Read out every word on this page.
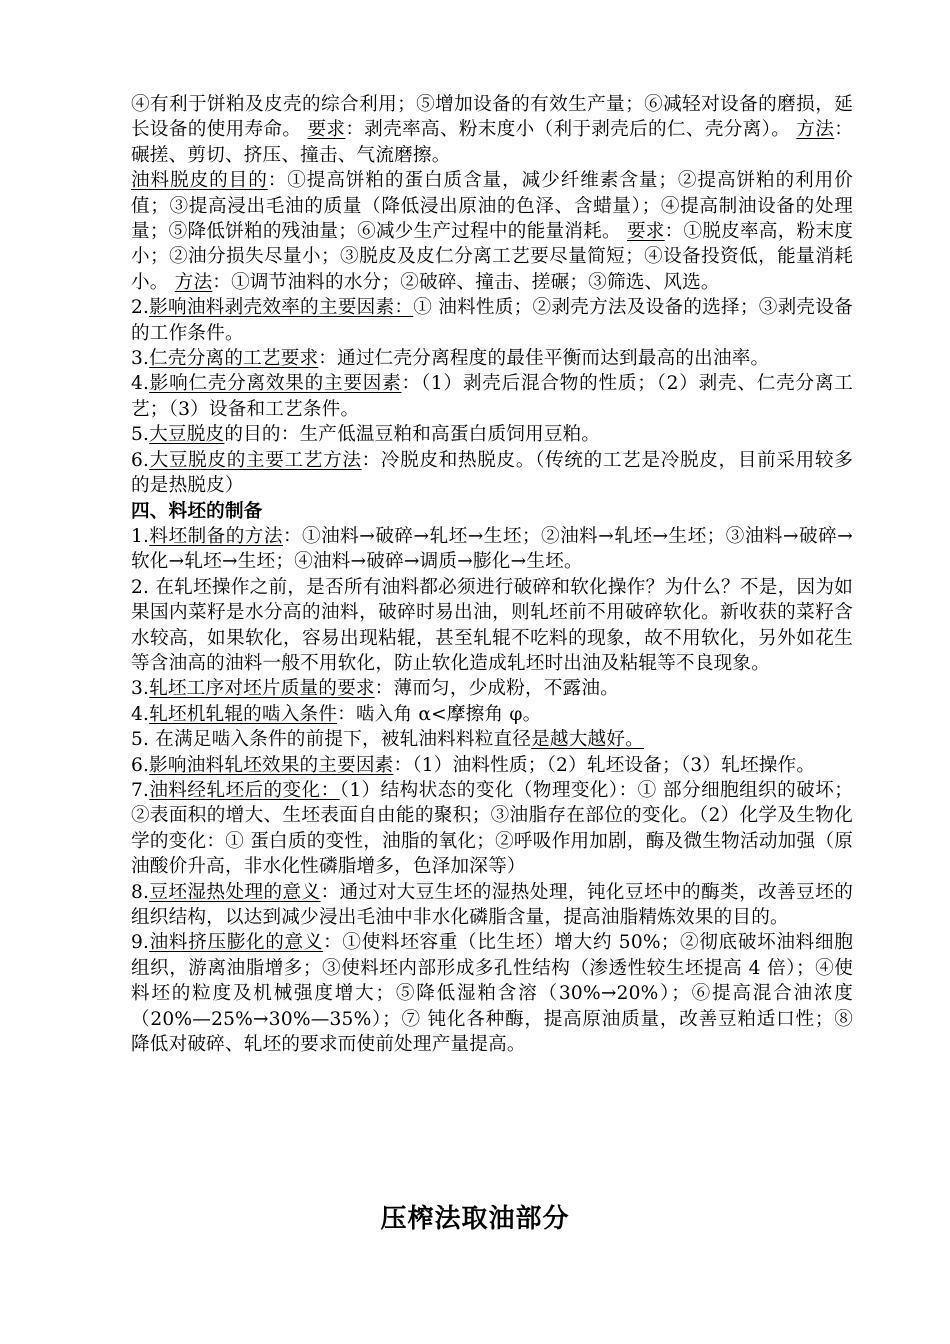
④有利于饼粕及皮壳的综合利用；⑤增加设备的有效生产量；⑥减轻对设备的磨损，延长设备的使用寿命。 要求：剥壳率高、粉末度小（利于剥壳后的仁、壳分离）。 方法：碾搓、剪切、挤压、撞击、气流磨擦。

油料脱皮的目的：①提高饼粕的蛋白质含量，减少纤维素含量；②提高饼粕的利用价值；③提高浸出毛油的质量（降低浸出原油的色泽、含蜡量）；④提高制油设备的处理量；⑤降低饼粕的残油量；⑥减少生产过程中的能量消耗。 要求：①脱皮率高，粉末度小；②油分损失尽量小；③脱皮及皮仁分离工艺要尽量简短；④设备投资低，能量消耗小。 方法：①调节油料的水分；②破碎、撞击、搓碾；③筛选、风选。

2.影响油料剥壳效率的主要因素：① 油料性质；②剥壳方法及设备的选择；③剥壳设备的工作条件。

3.仁壳分离的工艺要求：通过仁壳分离程度的最佳平衡而达到最高的出油率。

4.影响仁壳分离效果的主要因素：（1）剥壳后混合物的性质；（2）剥壳、仁壳分离工艺；（3）设备和工艺条件。

5.大豆脱皮的目的：生产低温豆粕和高蛋白质饲用豆粕。

6.大豆脱皮的主要工艺方法：冷脱皮和热脱皮。（传统的工艺是冷脱皮，目前采用较多的是热脱皮）

四、料坯的制备

1.料坯制备的方法：①油料→破碎→轧坯→生坯；②油料→轧坯→生坯；③油料→破碎→软化→轧坯→生坯；④油料→破碎→调质→膨化→生坯。

2. 在轧坯操作之前，是否所有油料都必须进行破碎和软化操作？为什么？不是，因为如果国内菜籽是水分高的油料，破碎时易出油，则轧坯前不用破碎软化。新收获的菜籽含水较高，如果软化，容易出现粘辊，甚至轧辊不吃料的现象，故不用软化，另外如花生等含油高的油料一般不用软化，防止软化造成轧坯时出油及粘辊等不良现象。

3.轧坯工序对坯片质量的要求：薄而匀，少成粉，不露油。

4.轧坯机轧辊的啮入条件：啮入角 α<摩擦角 φ。

5. 在满足啮入条件的前提下，被轧油料料粒直径是越大越好。

6.影响油料轧坯效果的主要因素：（1）油料性质；（2）轧坯设备；（3）轧坯操作。

7.油料经轧坯后的变化：（1）结构状态的变化（物理变化）：① 部分细胞组织的破坏；②表面积的增大、生坯表面自由能的聚积；③油脂存在部位的变化。（2）化学及生物化学的变化：① 蛋白质的变性，油脂的氧化；②呼吸作用加剧，酶及微生物活动加强（原油酸价升高，非水化性磷脂增多，色泽加深等）

8.豆坯湿热处理的意义：通过对大豆生坯的湿热处理，钝化豆坯中的酶类，改善豆坯的组织结构，以达到减少浸出毛油中非水化磷脂含量，提高油脂精炼效果的目的。

9.油料挤压膨化的意义：①使料坯容重（比生坯）增大约 50%；②彻底破坏油料细胞组织，游离油脂增多；③使料坯内部形成多孔性结构（渗透性较生坯提高 4 倍）；④使料坯的粒度及机械强度增大；⑤降低湿粕含溶（30%→20%）；⑥提高混合油浓度（20%—25%→30%—35%）；⑦ 钝化各种酶，提高原油质量，改善豆粕适口性；⑧降低对破碎、轧坯的要求而使前处理产量提高。

压榨法取油部分
